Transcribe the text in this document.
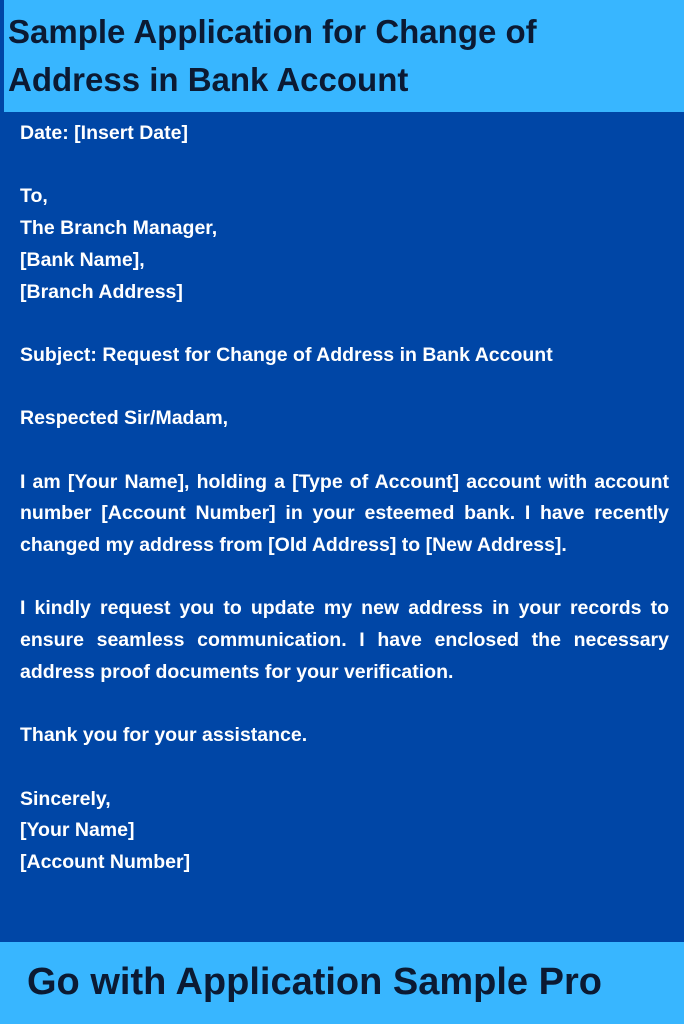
Sample Application for Change of Address in Bank Account

Date: [Insert Date]

To,

The Branch Manager,

[Bank Name],

[Branch Address]

Subject: Request for Change of Address in Bank Account

Respected Sir/Madam,

I am [Your Name], holding a [Type of Account] account with account number [Account Number] in your esteemed bank. I have recently changed my address from [Old Address] to [New Address].

I kindly request you to update my new address in your records to ensure seamless communication. I have enclosed the necessary address proof documents for your verification.

Thank you for your assistance.

Sincerely,

[Your Name]

[Account Number]

Go with Application Sample Pro
